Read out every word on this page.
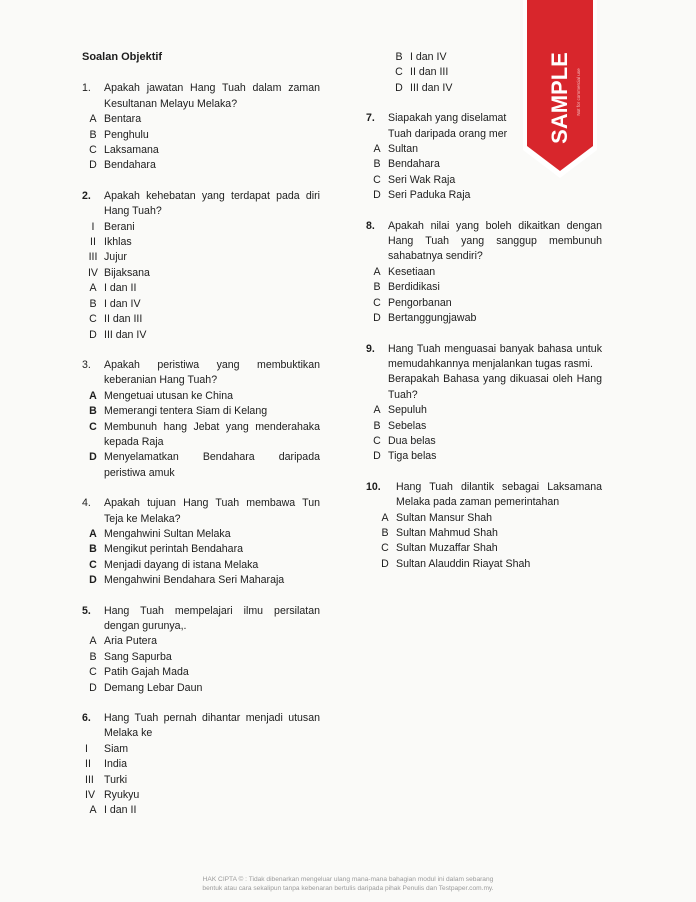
Soalan Objektif
1.	Apakah jawatan Hang Tuah dalam zaman Kesultanan Melayu Melaka?
A Bentara
B Penghulu
C Laksamana
D Bendahara
2.	Apakah kehebatan yang terdapat pada diri Hang Tuah?
I Berani
II Ikhlas
III Jujur
IV Bijaksana
A I dan II
B I dan IV
C II dan III
D III dan IV
3.	Apakah peristiwa yang membuktikan keberanian Hang Tuah?
A Mengetuai utusan ke China
B Memerangi tentera Siam di Kelang
C Membunuh hang Jebat yang menderahaka kepada Raja
D Menyelamatkan Bendahara daripada peristiwa amuk
4.	Apakah tujuan Hang Tuah membawa Tun Teja ke Melaka?
A Mengahwini Sultan Melaka
B Mengikut perintah Bendahara
C Menjadi dayang di istana Melaka
D Mengahwini Bendahara Seri Maharaja
5.	Hang Tuah mempelajari ilmu persilatan dengan gurunya,.
A Aria Putera
B Sang Sapurba
C Patih Gajah Mada
D Demang Lebar Daun
6.	Hang Tuah pernah dihantar menjadi utusan Melaka ke
I	Siam
II	India
III Turki
IV Ryukyu
A I dan II
B I dan IV
C II dan III
D III dan IV
7.	Siapakah yang diselamat
Tuah daripada orang mer
A Sultan
B Bendahara
C Seri Wak Raja
D Seri Paduka Raja
8.	Apakah nilai yang boleh dikaitkan dengan Hang Tuah yang sanggup membunuh sahabatnya sendiri?
A Kesetiaan
B Berdidikasi
C Pengorbanan
D Bertanggungjawab
9.	Hang Tuah menguasai banyak bahasa untuk memudahkannya menjalankan tugas rasmi.
Berapakah Bahasa yang dikuasai oleh Hang Tuah?
A Sepuluh
B Sebelas
C Dua belas
D Tiga belas
10.	Hang Tuah dilantik sebagai Laksamana Melaka pada zaman pemerintahan
A Sultan Mansur Shah
B Sultan Mahmud Shah
C Sultan Muzaffar Shah
D Sultan Alauddin Riayat Shah
SAMPLE Not for commercial use
HAK CIPTA © : Tidak dibenarkan mengeluar ulang mana-mana bahagian modul ini dalam sebarang
bentuk atau cara sekalipun tanpa kebenaran bertulis daripada pihak Penulis dan Testpaper.com.my.
